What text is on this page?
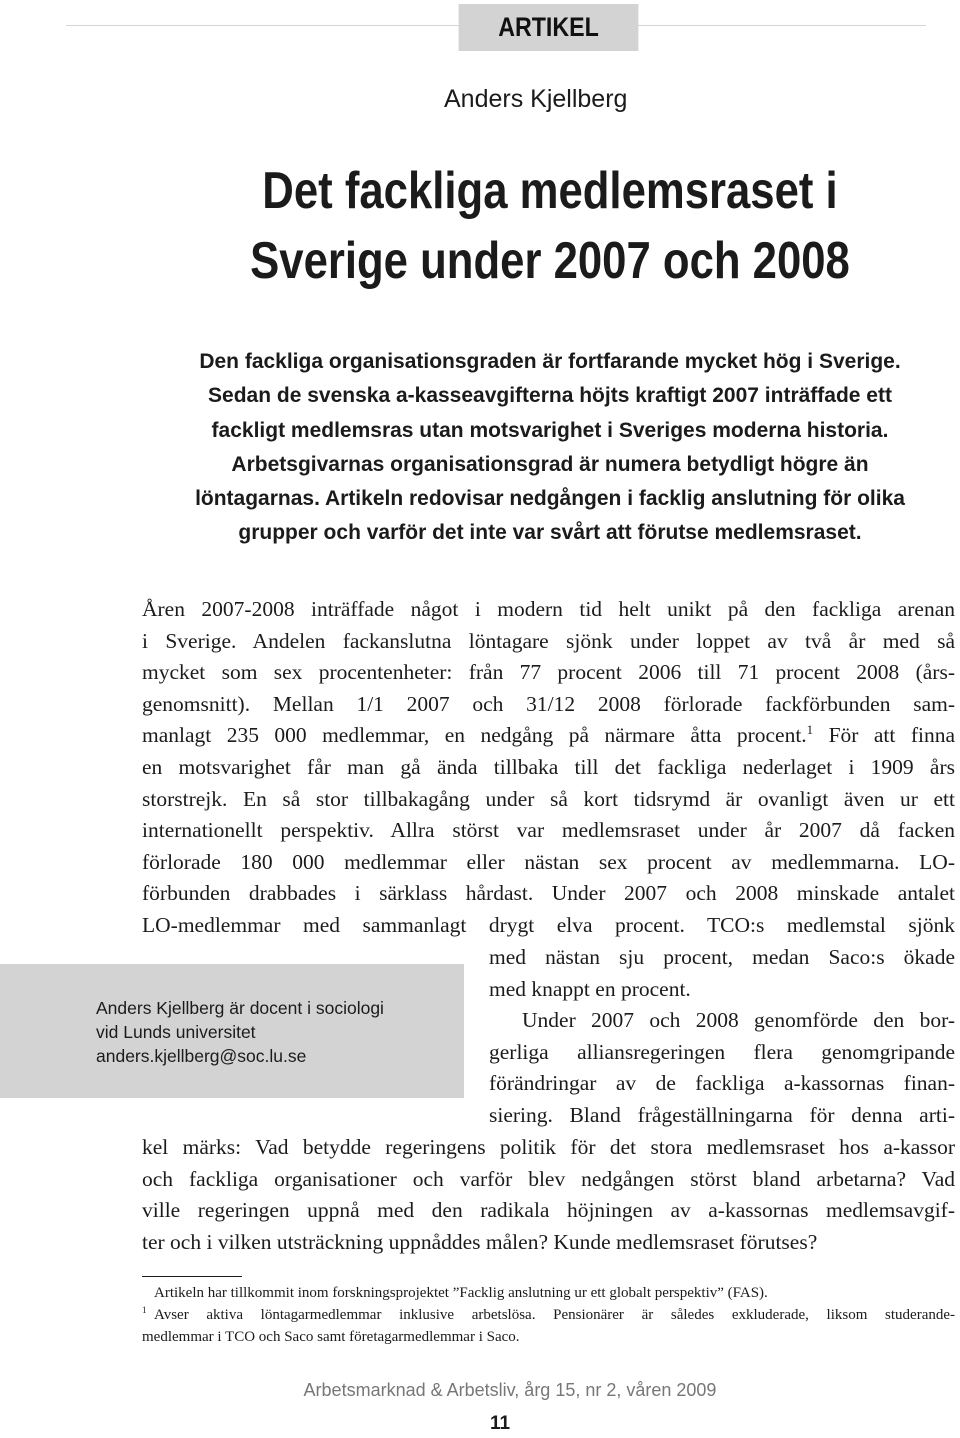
ARTIKEL
Anders Kjellberg
Det fackliga medlemsraset i
Sverige under 2007 och 2008
Den fackliga organisationsgraden är fortfarande mycket hög i Sverige.
Sedan de svenska a-kasseavgifterna höjts kraftigt 2007 inträffade ett
fackligt medlemsras utan motsvarighet i Sveriges moderna historia.
Arbetsgivarnas organisationsgrad är numera betydligt högre än
löntagarnas. Artikeln redovisar nedgången i facklig anslutning för olika
grupper och varför det inte var svårt att förutse medlemsraset.
Åren 2007-2008 inträffade något i modern tid helt unikt på den fackliga arenan
i Sverige. Andelen fackanslutna löntagare sjönk under loppet av två år med så
mycket som sex procentenheter: från 77 procent 2006 till 71 procent 2008 (års-
genomsnitt). Mellan 1/1 2007 och 31/12 2008 förlorade fackförbunden sam-
manlagt 235 000 medlemmar, en nedgång på närmare åtta procent.$^1$ För att finna
en motsvarighet får man gå ända tillbaka till det fackliga nederlaget i 1909 års
storstrejk. En så stor tillbakagång under så kort tidsrymd är ovanligt även ur ett
internationellt perspektiv. Allra störst var medlemsraset under år 2007 då facken
förlorade 180 000 medlemmar eller nästan sex procent av medlemmarna. LO-
förbunden drabbades i särklass hårdast. Under 2007 och 2008 minskade antalet
LO-medlemmar med sammanlagt drygt elva procent. TCO:s medlemstal sjönk
med nästan sju procent, medan Saco:s ökade
med knappt en procent.
Under 2007 och 2008 genomförde den bor-
gerliga alliansregeringen flera genomgripande
förändringar av de fackliga a-kassornas finan-
siering. Bland frågeställningarna för denna arti-
Anders Kjellberg är docent i sociologi
vid Lunds universitet
anders.kjellberg@soc.lu.se
kel märks: Vad betydde regeringens politik för det stora medlemsraset hos a-kassor
och fackliga organisationer och varför blev nedgången störst bland arbetarna? Vad
ville regeringen uppnå med den radikala höjningen av a-kassornas medlemsavgif-
ter och i vilken utsträckning uppnåddes målen? Kunde medlemsraset förutses?
Artikeln har tillkommit inom forskningsprojektet ”Facklig anslutning ur ett globalt perspektiv” (FAS).
$^1$ Avser aktiva löntagarmedlemmar inklusive arbetslösa. Pensionärer är således exkluderade, liksom studerande-
medlemmar i TCO och Saco samt företagarmedlemmar i Saco.
Arbetsmarknad & Arbetsliv, årg 15, nr 2, våren 2009
11
